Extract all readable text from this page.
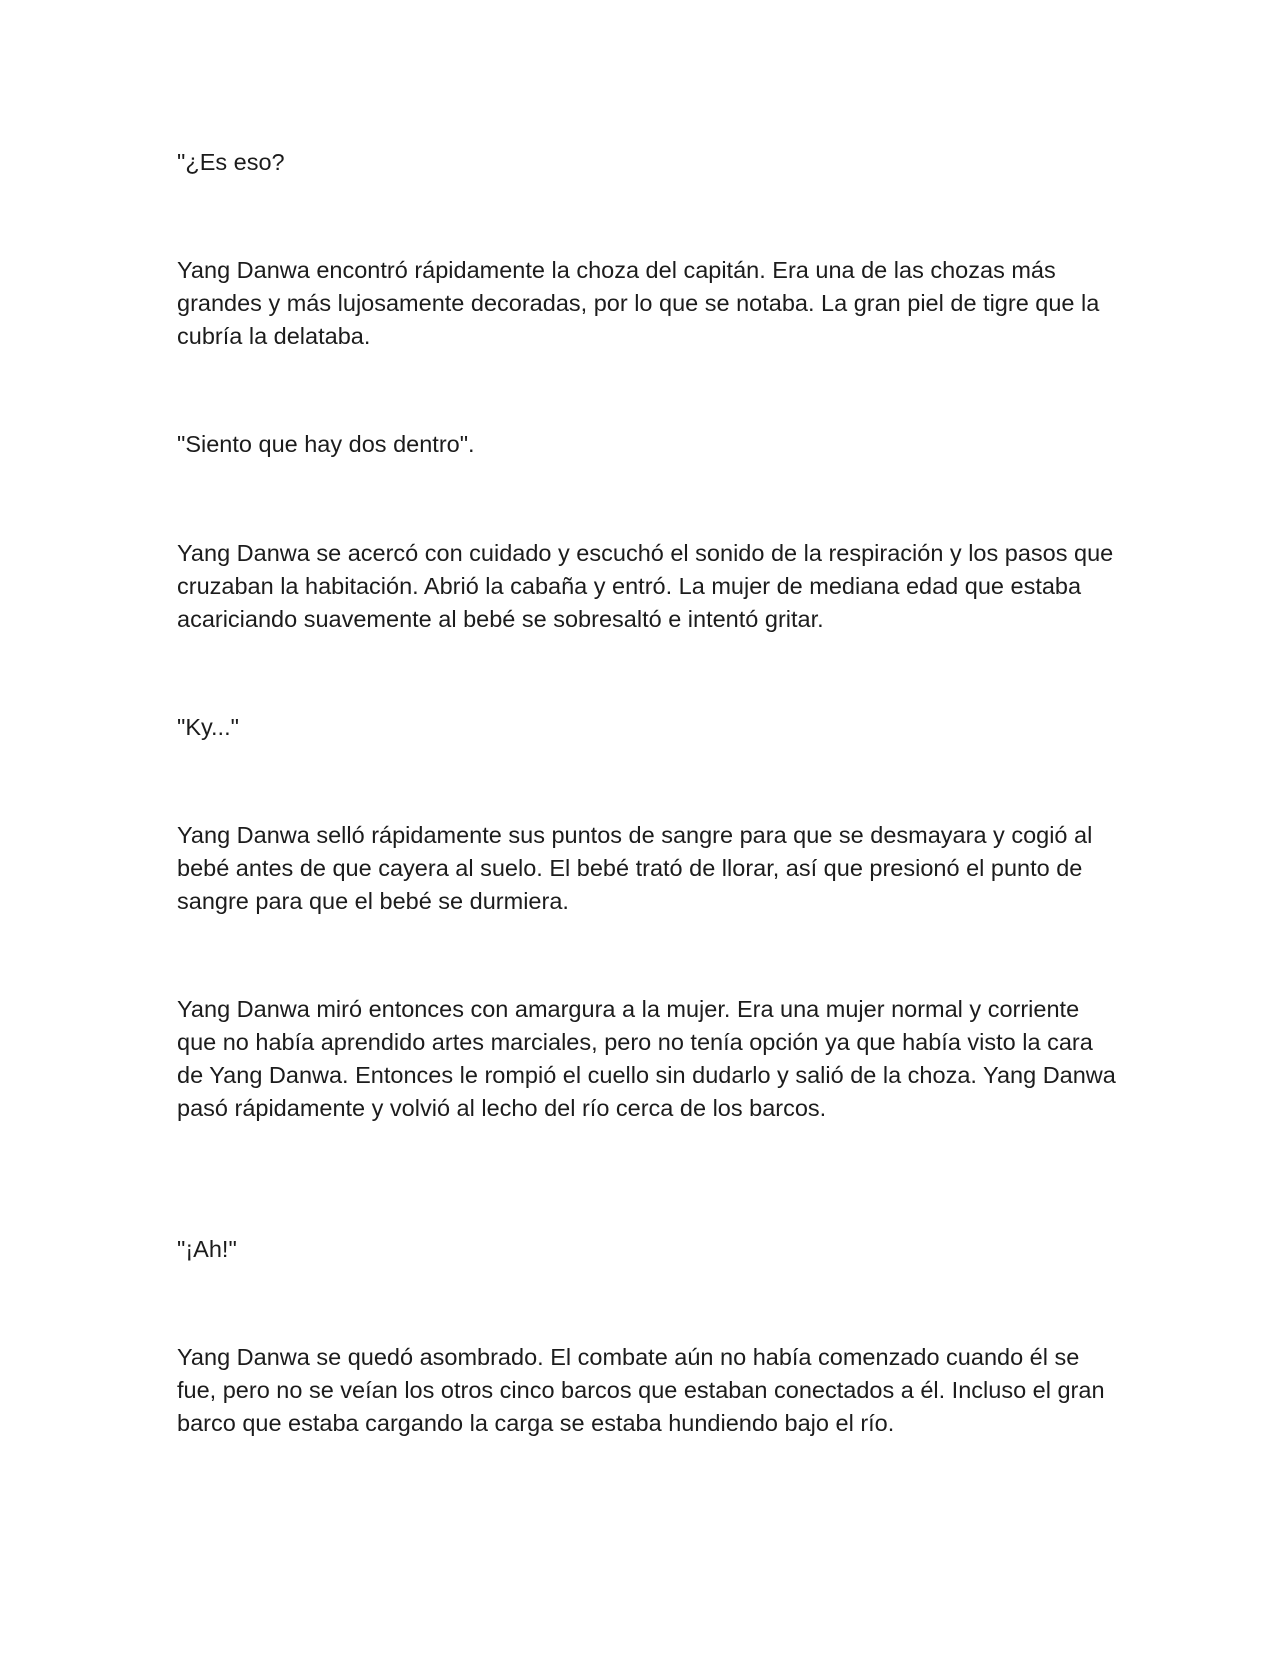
"¿Es eso?

Yang Danwa encontró rápidamente la choza del capitán. Era una de las chozas más grandes y más lujosamente decoradas, por lo que se notaba. La gran piel de tigre que la cubría la delataba.

"Siento que hay dos dentro".

Yang Danwa se acercó con cuidado y escuchó el sonido de la respiración y los pasos que cruzaban la habitación. Abrió la cabaña y entró. La mujer de mediana edad que estaba acariciando suavemente al bebé se sobresaltó e intentó gritar.

"Ky..."

Yang Danwa selló rápidamente sus puntos de sangre para que se desmayara y cogió al bebé antes de que cayera al suelo. El bebé trató de llorar, así que presionó el punto de sangre para que el bebé se durmiera.

Yang Danwa miró entonces con amargura a la mujer. Era una mujer normal y corriente que no había aprendido artes marciales, pero no tenía opción ya que había visto la cara de Yang Danwa. Entonces le rompió el cuello sin dudarlo y salió de la choza. Yang Danwa pasó rápidamente y volvió al lecho del río cerca de los barcos.

"¡Ah!"

Yang Danwa se quedó asombrado. El combate aún no había comenzado cuando él se fue, pero no se veían los otros cinco barcos que estaban conectados a él. Incluso el gran barco que estaba cargando la carga se estaba hundiendo bajo el río.
